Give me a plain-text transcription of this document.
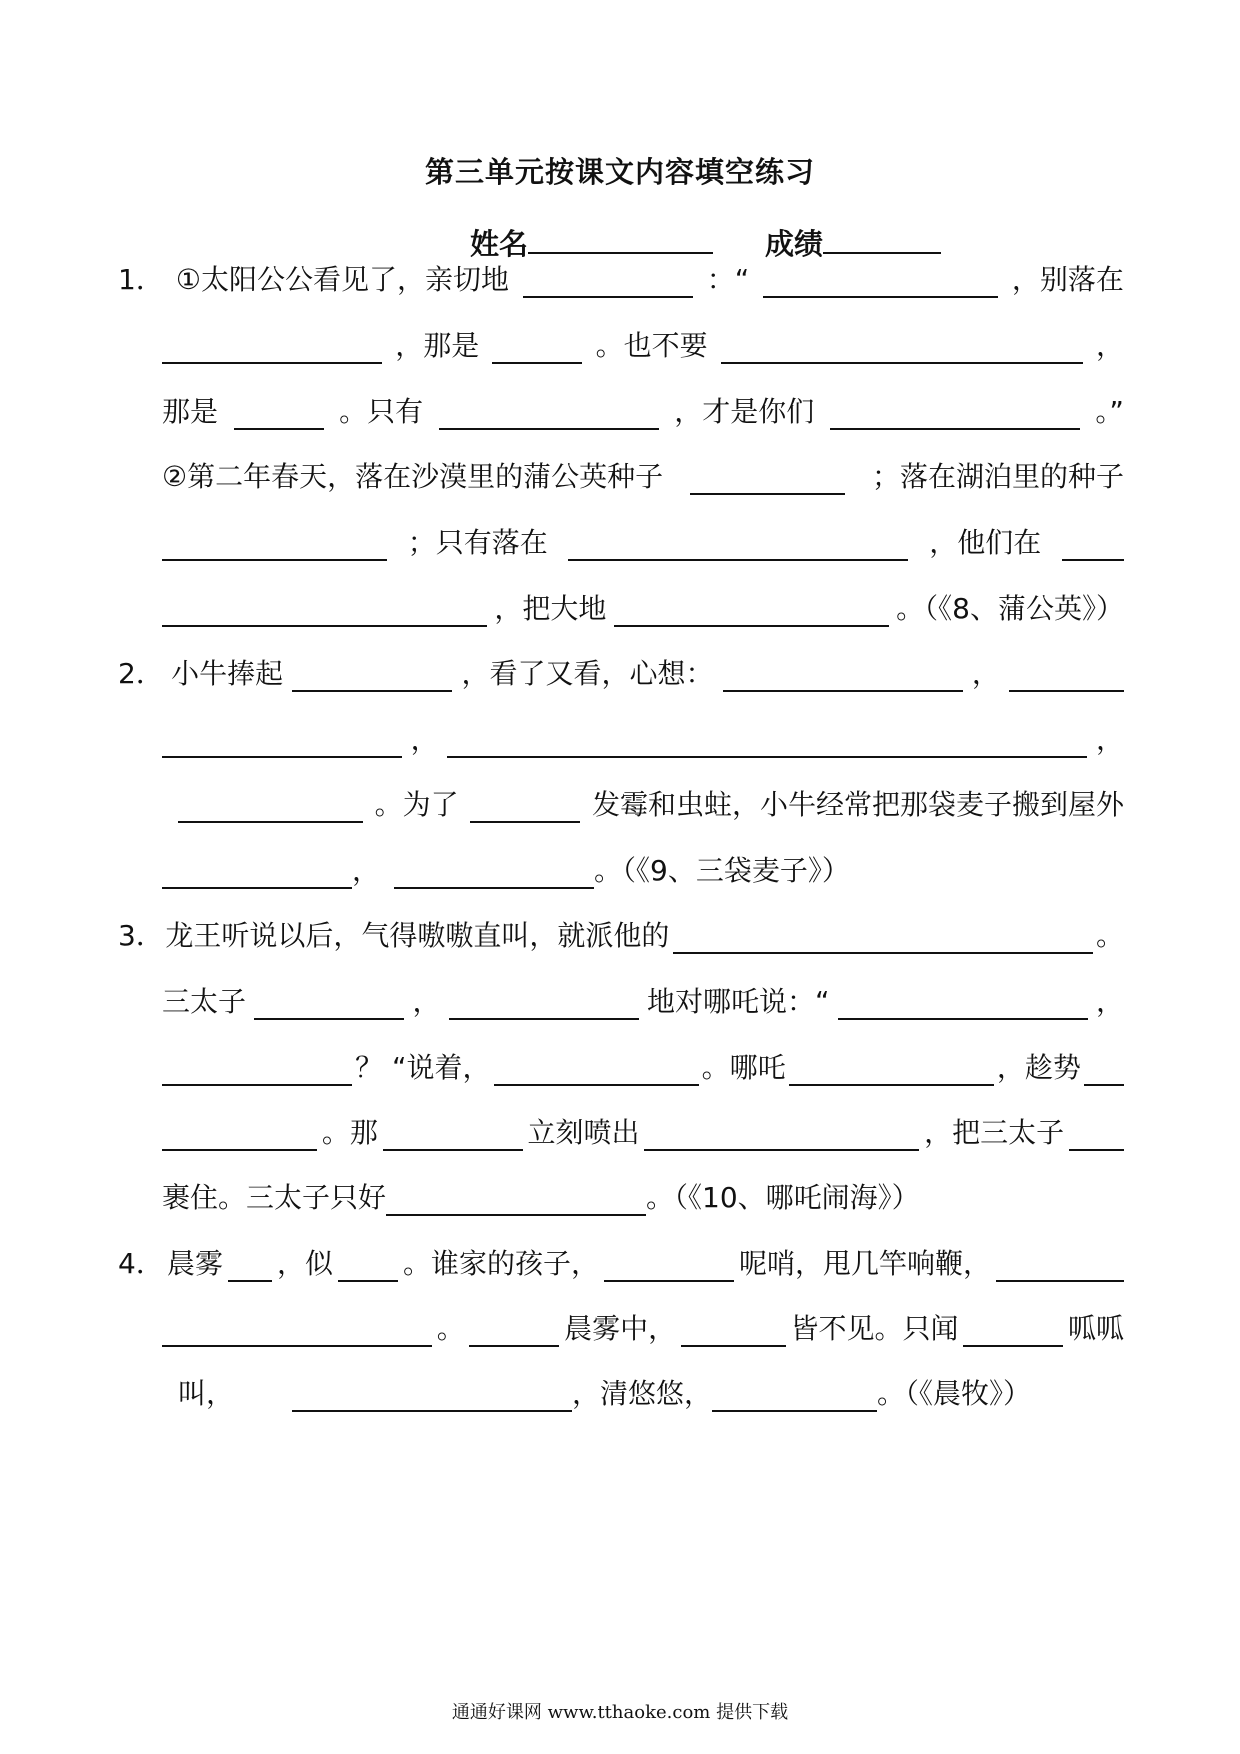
第三单元按课文内容填空练习
姓名	成绩
1． ①太阳公公看见了，亲切地	：“	，别落在
，那是	。也不要	，
那是	。只有	，才是你们	。”
②第二年春天，落在沙漠里的蒲公英种子	；落在湖泊里的种子
；只有落在	，他们在
，把大地	。（《8、蒲公英》）
2． 小牛捧起	，看了又看，心想：	，
，	，
。为了	发霉和虫蛀，小牛经常把那袋麦子搬到屋外
，	。（《9、三袋麦子》）
3． 龙王听说以后，气得嗷嗷直叫，就派他的	。
三太子	，	地对哪吒说：“	，
？ “说着，	。哪吒	，趁势
。那	立刻喷出	，把三太子
裹住。三太子只好	。（《10、哪吒闹海》）
4． 晨雾 ，似 。谁家的孩子，	呢哨，甩几竿响鞭，
。	晨雾中，	皆不见。只闻	呱呱
叫，	，清悠悠，	。（《晨牧》）
通通好课网 www.tthaoke.com 提供下载
